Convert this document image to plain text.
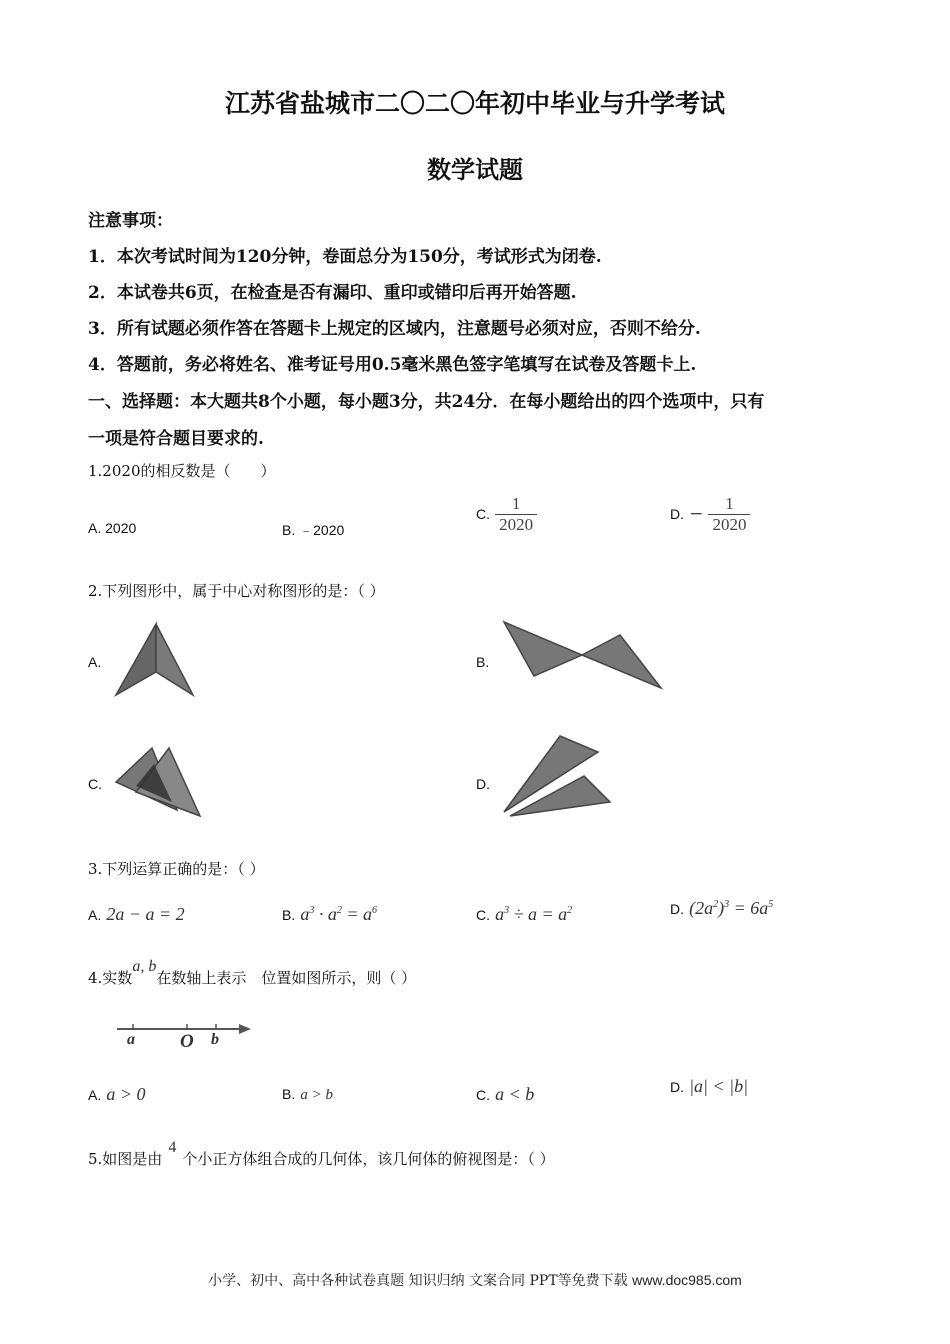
江苏省盐城市二〇二〇年初中毕业与升学考试
数学试题
注意事项：
1．本次考试时间为120分钟，卷面总分为150分，考试形式为闭卷.
2．本试卷共6页，在检查是否有漏印、重印或错印后再开始答题.
3．所有试题必须作答在答题卡上规定的区域内，注意题号必须对应，否则不给分.
4．答题前，务必将姓名、准考证号用0.5毫米黑色签字笔填写在试卷及答题卡上.
一、选择题：本大题共8个小题，每小题3分，共24分．在每小题给出的四个选项中，只有
一项是符合题目要求的.
1.2020的相反数是（　　）
A. 2020	B. ﹣2020
C. $\frac{1}{2020}$	D. − $\frac{1}{2020}$
2.下列图形中，属于中心对称图形的是：（ ）
A.	B.
C.	D.
3.下列运算正确的是：（ ）
A. 2a − a = 2	B. $a^3 \cdot a^2 = a^6$	C. $a^3 \div a = a^2$	D. $(2a^2)^3 = 6a^5$
4.实数a, b在数轴上表示　位置如图所示，则（ ）
a O b
A. a > 0	B. a > b	C. a < b	D. |a| < |b|
5.如图是由4个小正方体组合成的几何体，该几何体的俯视图是：（ ）
小学、初中、高中各种试卷真题 知识归纳 文案合同 PPT等免费下载 www.doc985.com
